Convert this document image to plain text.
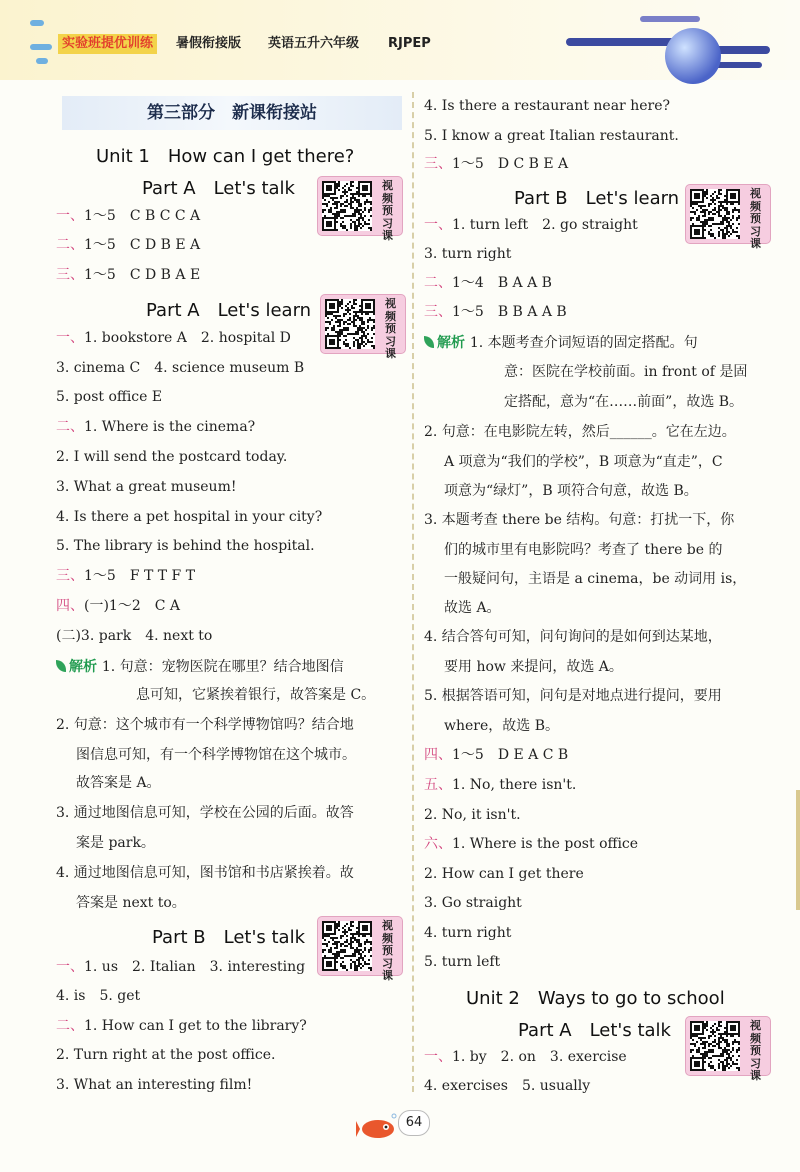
实验班提优训练	暑假衔接版 英语五升六年级 RJPEP
第三部分　新课衔接站
Unit 1　How can I get there?
Part A　Let's talk	视
频
预
习
课
一、1～5　C B C C A
二、1～5　C D B E A
三、1～5　C D B A E
Part A　Let's learn	视
频
预
习
课
一、1. bookstore A　2. hospital D
3. cinema C　4. science museum B
5. post office E
二、1. Where is the cinema?
2. I will send the postcard today.
3. What a great museum!
4. Is there a pet hospital in your city?
5. The library is behind the hospital.
三、1～5　F T T F T
四、(一)1～2　C A
(二)3. park　4. next to
解析 1. 句意：宠物医院在哪里？结合地图信
息可知，它紧挨着银行，故答案是 C。
2. 句意：这个城市有一个科学博物馆吗？结合地
图信息可知，有一个科学博物馆在这个城市。
故答案是 A。
3. 通过地图信息可知，学校在公园的后面。故答
案是 park。
4. 通过地图信息可知，图书馆和书店紧挨着。故
答案是 next to。
Part B　Let's talk
视
频
预
习
课
一、1. us　2. Italian　3. interesting
4. is　5. get
二、1. How can I get to the library?
2. Turn right at the post office.
3. What an interesting film!
4. Is there a restaurant near here?
5. I know a great Italian restaurant.
三、1～5　D C B E A
Part B　Let's learn	视
频
预
习
课
一、1. turn left　2. go straight
3. turn right
二、1～4　B A A B
三、1～5　B B A A B
解析 1. 本题考查介词短语的固定搭配。句
意：医院在学校前面。in front of 是固
定搭配，意为“在……前面”，故选 B。
2. 句意：在电影院左转，然后______。它在左边。
A 项意为“我们的学校”，B 项意为“直走”，C
项意为“绿灯”，B 项符合句意，故选 B。
3. 本题考查 there be 结构。句意：打扰一下，你
们的城市里有电影院吗？考查了 there be 的
一般疑问句，主语是 a cinema，be 动词用 is，
故选 A。
4. 结合答句可知，问句询问的是如何到达某地，
要用 how 来提问，故选 A。
5. 根据答语可知，问句是对地点进行提问，要用
where，故选 B。
四、1～5　D E A C B
五、1. No, there isn't.
2. No, it isn't.
六、1. Where is the post office
2. How can I get there
3. Go straight
4. turn right
5. turn left
Unit 2　Ways to go to school
Part A　Let's talk	视
频
预
习
课
一、1. by　2. on　3. exercise
4. exercises　5. usually
64
